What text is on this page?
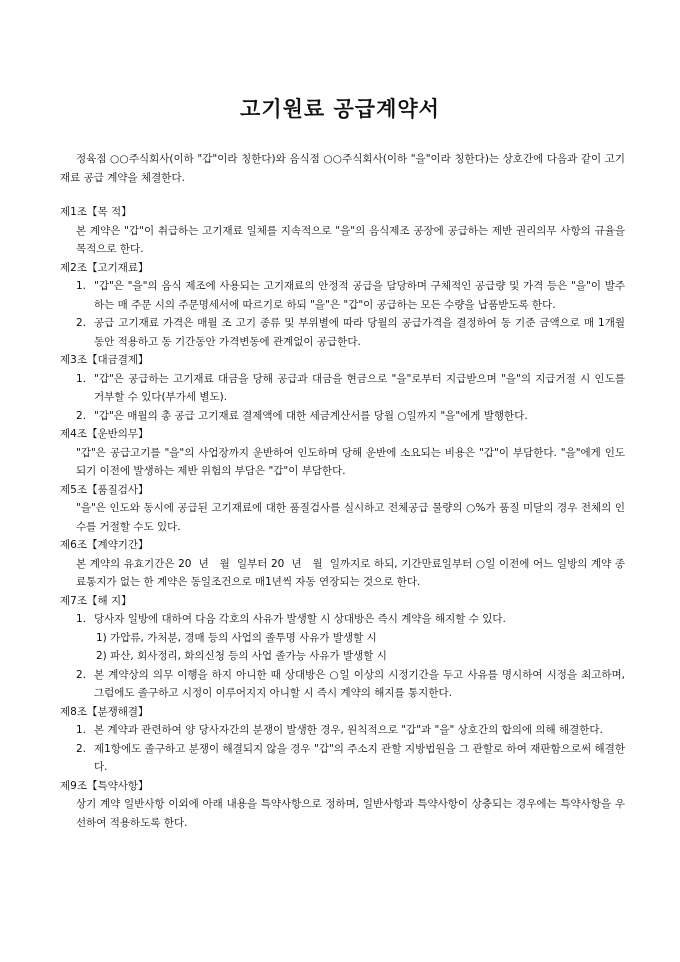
고기원료 공급계약서
정육점 ○○주식회사(이하 "갑"이라 칭한다)와 음식점 ○○주식회사(이하 "을"이라 칭한다)는 상호간에 다음과 같이 고기재료 공급 계약을 체결한다.

제1조【목 적】

본 계약은 "갑"이 취급하는 고기재료 일체를 지속적으로 "을"의 음식제조 공장에 공급하는 제반 권리의무 사항의 규율을 목적으로 한다.

제2조【고기재료】

1. "갑"은 "을"의 음식 제조에 사용되는 고기재료의 안정적 공급을 담당하며 구체적인 공급량 및 가격 등은 "을"이 발주하는 매 주문 시의 주문명세서에 따르기로 하되 "을"은 "갑"이 공급하는 모든 수량을 납품받도록 한다.
2. 공급 고기재료 가격은 매월 조 고기 종류 및 부위별에 따라 당월의 공급가격을 결정하여 동 기준 금액으로 매 1개월 동안 적용하고 동 기간동안 가격변동에 관계없이 공급한다.

제3조【대금결제】

1. "갑"은 공급하는 고기재료 대금을 당해 공급과 대금을 현금으로 "을"로부터 지급받으며 "을"의 지급거절 시 인도를 거부할 수 있다(부가세 별도).
2. "갑"은 매월의 총 공급 고기재료 결제액에 대한 세금계산서를 당월 ○일까지 "을"에게 발행한다.

제4조【운반의무】

"갑"은 공급고기를 "을"의 사업장까지 운반하여 인도하며 당해 운반에 소요되는 비용은 "갑"이 부담한다. "을"에게 인도되기 이전에 발생하는 제반 위험의 부담은 "갑"이 부담한다.

제5조【품질검사】

"을"은 인도와 동시에 공급된 고기재료에 대한 품질검사를 실시하고 전체공급 물량의 ○%가 품질 미달의 경우 전체의 인수를 거절할 수도 있다.

제6조【계약기간】

본 계약의 유효기간은 20  년   월  일부터 20  년   월  일까지로 하되, 기간만료일부터 ○일 이전에 어느 일방의 계약 종료통지가 없는 한 계약은 동일조건으로 매1년씩 자동 연장되는 것으로 한다.

제7조【해 지】

1. 당사자 일방에 대하여 다음 각호의 사유가 발생할 시 상대방은 즉시 계약을 해지할 수 있다.

1) 가압류, 가처분, 경매 등의 사업의 졸투명 사유가 발생할 시

2) 파산, 회사정리, 화의신청 등의 사업 졸가능 사유가 발생할 시

2. 본 계약상의 의무 이행을 하지 아니한 때 상대방은 ○일 이상의 시정기간을 두고 사유를 명시하여 시정을 최고하며, 그럼에도 졸구하고 시정이 이루어지지 아니할 시 즉시 계약의 해지를 통지한다.

제8조【분쟁해결】

1. 본 계약과 관련하여 양 당사자간의 분쟁이 발생한 경우, 원칙적으로 "갑"과 "을" 상호간의 합의에 의해 해결한다.
2. 제1항에도 졸구하고 분쟁이 해결되지 않을 경우 "갑"의 주소지 관할 지방법원을 그 관할로 하여 재판함으로써 해결한다.

제9조【특약사항】

상기 계약 일반사항 이외에 아래 내용을 특약사항으로 정하며, 일반사항과 특약사항이 상충되는 경우에는 특약사항을 우선하여 적용하도록 한다.
